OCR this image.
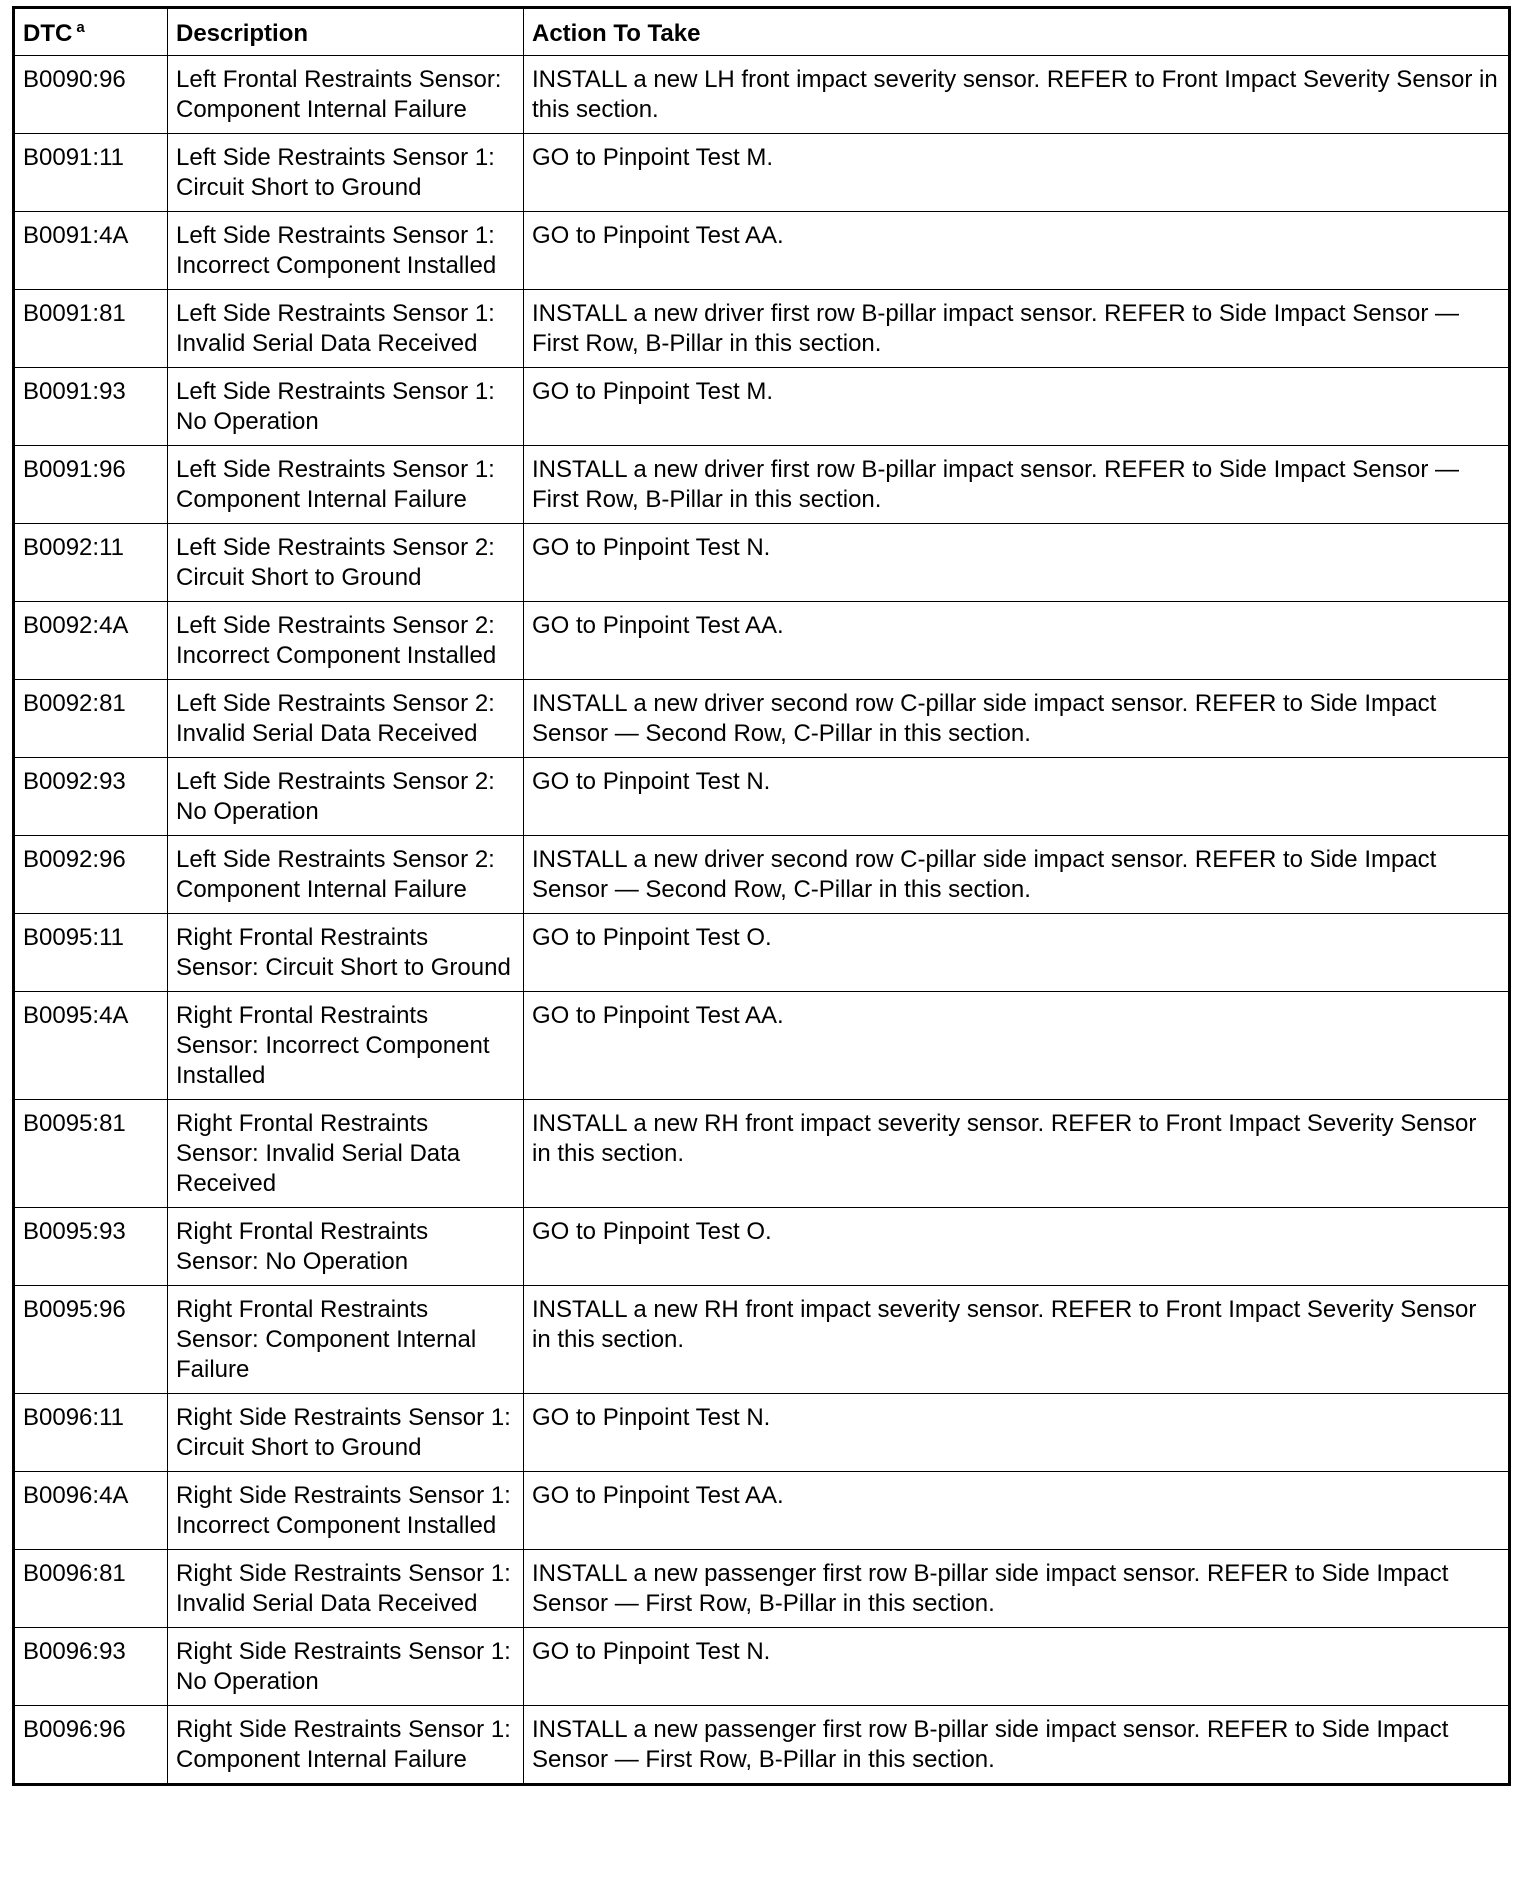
DTC $^a$	Description	Action To Take
B0090:96	Left Frontal Restraints Sensor: Component Internal Failure	INSTALL a new LH front impact severity sensor. REFER to Front Impact Severity Sensor in this section.
B0091:11	Left Side Restraints Sensor 1: Circuit Short to Ground	GO to Pinpoint Test M.
B0091:4A	Left Side Restraints Sensor 1: Incorrect Component Installed	GO to Pinpoint Test AA.
B0091:81	Left Side Restraints Sensor 1: Invalid Serial Data Received	INSTALL a new driver first row B-pillar impact sensor. REFER to Side Impact Sensor — First Row, B-Pillar in this section.
B0091:93	Left Side Restraints Sensor 1: No Operation	GO to Pinpoint Test M.
B0091:96	Left Side Restraints Sensor 1: Component Internal Failure	INSTALL a new driver first row B-pillar impact sensor. REFER to Side Impact Sensor — First Row, B-Pillar in this section.
B0092:11	Left Side Restraints Sensor 2: Circuit Short to Ground	GO to Pinpoint Test N.
B0092:4A	Left Side Restraints Sensor 2: Incorrect Component Installed	GO to Pinpoint Test AA.
B0092:81	Left Side Restraints Sensor 2: Invalid Serial Data Received	INSTALL a new driver second row C-pillar side impact sensor. REFER to Side Impact Sensor — Second Row, C-Pillar in this section.
B0092:93	Left Side Restraints Sensor 2: No Operation	GO to Pinpoint Test N.
B0092:96	Left Side Restraints Sensor 2: Component Internal Failure	INSTALL a new driver second row C-pillar side impact sensor. REFER to Side Impact Sensor — Second Row, C-Pillar in this section.
B0095:11	Right Frontal Restraints Sensor: Circuit Short to Ground	GO to Pinpoint Test O.
B0095:4A	Right Frontal Restraints Sensor: Incorrect Component Installed	GO to Pinpoint Test AA.
B0095:81	Right Frontal Restraints Sensor: Invalid Serial Data Received	INSTALL a new RH front impact severity sensor. REFER to Front Impact Severity Sensor in this section.
B0095:93	Right Frontal Restraints Sensor: No Operation	GO to Pinpoint Test O.
B0095:96	Right Frontal Restraints Sensor: Component Internal Failure	INSTALL a new RH front impact severity sensor. REFER to Front Impact Severity Sensor in this section.
B0096:11	Right Side Restraints Sensor 1: Circuit Short to Ground	GO to Pinpoint Test N.
B0096:4A	Right Side Restraints Sensor 1: Incorrect Component Installed	GO to Pinpoint Test AA.
B0096:81	Right Side Restraints Sensor 1: Invalid Serial Data Received	INSTALL a new passenger first row B-pillar side impact sensor. REFER to Side Impact Sensor — First Row, B-Pillar in this section.
B0096:93	Right Side Restraints Sensor 1: No Operation	GO to Pinpoint Test N.
B0096:96	Right Side Restraints Sensor 1: Component Internal Failure	INSTALL a new passenger first row B-pillar side impact sensor. REFER to Side Impact Sensor — First Row, B-Pillar in this section.
